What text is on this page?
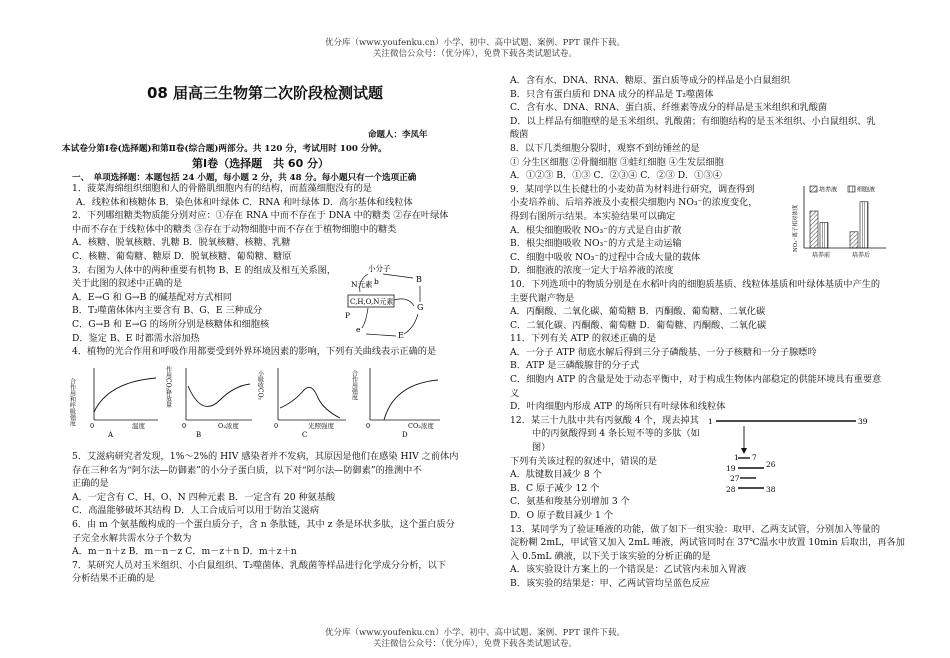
优分库（www.youfenku.cn）小学、初中、高中试题、案例、PPT 课件下载。
关注微信公众号：（优分库），免费下载各类试题试卷。
优分库（www.youfenku.cn）小学、初中、高中试题、案例、PPT 课件下载。
关注微信公众号：（优分库），免费下载各类试题试卷。
08 届高三生物第二次阶段检测试题
命题人：李凤年
本试卷分第Ⅰ卷(选择题)和第Ⅱ卷(综合题)两部分。共 120 分，考试用时 100 分钟。
第Ⅰ卷（选择题　共 60 分）
一、　单项选择题：本题包括 24 小题，每小题 2 分，共 48 分。每小题只有一个选项正确

1．菠菜海绵组织细胞和人的骨骼肌细胞内有的结构，而蓝藻细胞没有的是

A．线粒体和核糖体 B．染色体和叶绿体 C．RNA 和叶绿体 D．高尔基体和线粒体

2．下列哪组糖类物质能分别对应：①存在 RNA 中而不存在于 DNA 中的糖类 ②存在叶绿体

中而不存在于线粒体中的糖类 ③存在于动物细胞中而不存在于植物细胞中的糖类

A．核糖、脱氧核糖、乳糖 B．脱氧核糖、核糖、乳糖

C．核糖、葡萄糖、糖原 D．脱氧核糖、葡萄糖、糖原

3．右图为人体中的两种重要有机物 B、E 的组成及相互关系图，

关于此图的叙述中正确的是

A．E→G 和 G→B 的碱基配对方式相同

B．T₂噬菌体体内主要含有 B、G、E 三种成分

C．G→B 和 E→G 的场所分别是核糖体和细胞核

D．鉴定 B、E 时都需水浴加热

4．植物的光合作用和呼吸作用都要受到外界环境因素的影响，下列有关曲线表示正确的是

小分子
C,H,O,N元素
N元素
P
e
b	B
G
E
合作用和呼吸强度	温度
0
A
作用CO₂释放量
O₂浓度
0
B
小吸收CO₂
光照强度
0
C
合作用强度
CO₂浓度
0
D

5．艾滋病研究者发现，1%～2%的 HIV 感染者并不发病，其原因是他们在感染 HIV 之前体内

存在三种名为“阿尔法—防御素”的小分子蛋白质，以下对“阿尔法—防御素”的推测中不

正确的是

A．一定含有 C、H、O、N 四种元素 B．一定含有 20 种氨基酸

C．高温能够破坏其结构 D．人工合成后可以用于防治艾滋病

6．由 m 个氨基酸构成的一个蛋白质分子，含 n 条肽链，其中 z 条是环状多肽，这个蛋白质分

子完全水解共需水分子个数为

A．m－n＋z B．m－n－z C．m－z＋n D．m＋z＋n

7．某研究人员对玉米组织、小白鼠组织、T₂噬菌体、乳酸菌等样品进行化学成分分析，以下

分析结果不正确的是

A．含有水、DNA、RNA、糖原、蛋白质等成分的样品是小白鼠组织

B．只含有蛋白质和 DNA 成分的样品是 T₂噬菌体

C．含有水、DNA、RNA、蛋白质、纤维素等成分的样品是玉米组织和乳酸菌

D．以上样品有细胞壁的是玉米组织、乳酸菌；有细胞结构的是玉米组织、小白鼠组织、乳

酸菌

8．以下几类细胞分裂时，观察不到纺锤丝的是

① 分生区细胞 ②骨髓细胞 ③蛙红细胞 ④生发层细胞

A．①②③ B．①③ C．②③④ C．②③ D．①③④

9．某同学以生长健壮的小麦幼苗为材料进行研究，调查得到

小麦培养前、后培养液及小麦根尖细胞内 NO₃⁻的浓度变化，

得到右图所示结果。本实验结果可以确定

A．根尖细胞吸收 NO₃⁻的方式是自由扩散

B．根尖细胞吸收 NO₃⁻的方式是主动运输

C．细胞中吸收 NO₃⁻的过程中合成大量的载体

D．细胞液的浓度一定大于培养液的浓度

10．下列选项中的物质分别是在水稻叶肉的细胞质基质、线粒体基质和叶绿体基质中产生的

主要代谢产物是

A．丙酮酸、二氧化碳、葡萄糖 B．丙酮酸、葡萄糖、二氧化碳

C．二氧化碳、丙酮酸、葡萄糖 D．葡萄糖、丙酮酸、二氧化碳

11．下列有关 ATP 的叙述正确的是

A．一分子 ATP 彻底水解后得到三分子磷酸基、一分子核糖和一分子腺嘌呤

B．ATP 是三磷酸腺苷的分子式

C．细胞内 ATP 的含量是处于动态平衡中，对于构成生物体内部稳定的供能环境具有重要意

义

D．叶肉细胞内形成 ATP 的场所只有叶绿体和线粒体

12．某三十九肽中共有丙氨酸 4 个，现去掉其

中的丙氨酸得到 4 条长短不等的多肽（如

图）

下列有关该过程的叙述中，错误的是

A．肽键数目减少 8 个

B．C 原子减少 12 个

C．氨基和羧基分别增加 3 个

D．O 原子数目减少 1 个

13．某同学为了验证唾液的功能，做了如下一组实验：取甲、乙两支试管，分别加入等量的

淀粉糊 2mL，甲试管又加入 2mL 唾液，两试管同时在 37℃温水中放置 10min 后取出，再各加

入 0.5mL 碘液，以下关于该实验的分析正确的是

A．该实验设计方案上的一个错误是：乙试管内未加入胃液

B．该实验的结果是：甲、乙两试管均呈蓝色反应

NO₃⁻离子相对浓度
培养液	细胞液
培养前	培养后
1	39
1 7
19	26
27
28	38
